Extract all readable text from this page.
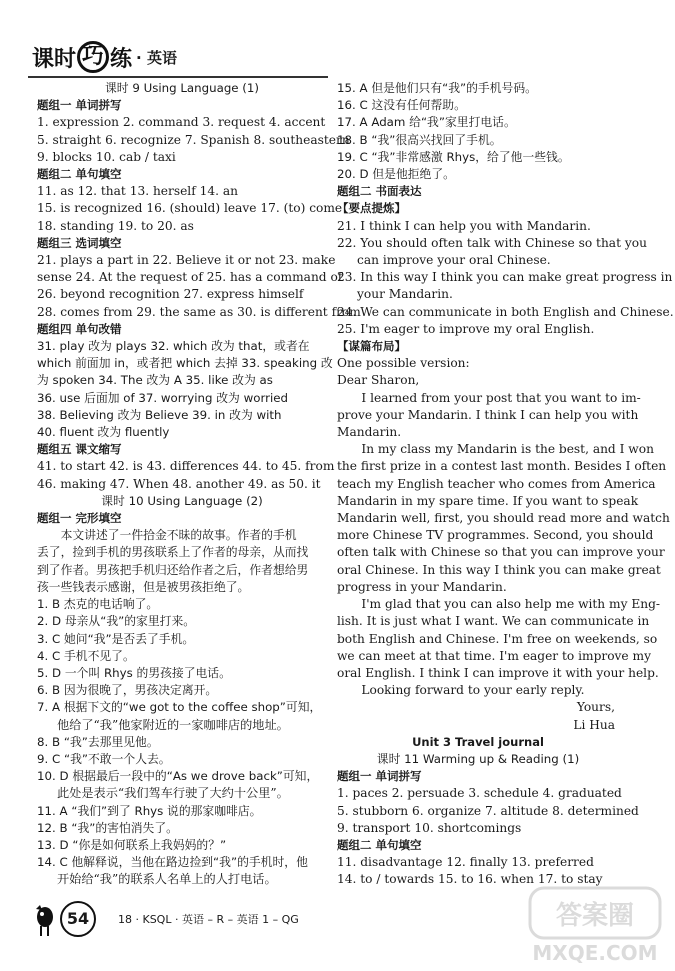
课 时 巧 练 · 英语
课时 9 Using Language (1)
题组一 单词拼写
1. expression 2. command 3. request 4. accent
5. straight 6. recognize 7. Spanish 8. southeastern
9. blocks 10. cab / taxi
题组二 单句填空
11. as 12. that 13. herself 14. an
15. is recognized 16. (should) leave 17. (to) come
18. standing 19. to 20. as
题组三 选词填空
21. plays a part in 22. Believe it or not 23. make
sense 24. At the request of 25. has a command of
26. beyond recognition 27. express himself
28. comes from 29. the same as 30. is different from
题组四 单句改错
31. play 改为 plays 32. which 改为 that，或者在
which 前面加 in，或者把 which 去掉 33. speaking 改
为 spoken 34. The 改为 A 35. like 改为 as
36. use 后面加 of 37. worrying 改为 worried
38. Believing 改为 Believe 39. in 改为 with
40. fluent 改为 fluently
题组五 课文缩写
41. to start 42. is 43. differences 44. to 45. from
46. making 47. When 48. another 49. as 50. it
课时 10 Using Language (2)
题组一 完形填空
本文讲述了一件拾金不昧的故事。作者的手机
丢了，捡到手机的男孩联系上了作者的母亲，从而找
到了作者。男孩把手机归还给作者之后，作者想给男
孩一些钱表示感谢，但是被男孩拒绝了。
1. B 杰克的电话响了。
2. D 母亲从“我”的家里打来。
3. C 她问“我”是否丢了手机。
4. C 手机不见了。
5. D 一个叫 Rhys 的男孩接了电话。
6. B 因为很晚了，男孩决定离开。
7. A 根据下文的“we got to the coffee shop”可知，
他给了“我”他家附近的一家咖啡店的地址。
8. B “我”去那里见他。
9. C “我”不敢一个人去。
10. D 根据最后一段中的“As we drove back”可知，
此处是表示“我们驾车行驶了大约十公里”。
11. A “我们”到了 Rhys 说的那家咖啡店。
12. B “我”的害怕消失了。
13. D “你是如何联系上我妈妈的？”
14. C 他解释说，当他在路边捡到“我”的手机时，他
开始给“我”的联系人名单上的人打电话。
15. A 但是他们只有“我”的手机号码。
16. C 这没有任何帮助。
17. A Adam 给“我”家里打电话。
18. B “我”很高兴找回了手机。
19. C “我”非常感激 Rhys，给了他一些钱。
20. D 但是他拒绝了。
题组二 书面表达
【要点提炼】
21. I think I can help you with Mandarin.
22. You should often talk with Chinese so that you
can improve your oral Chinese.
23. In this way I think you can make great progress in
your Mandarin.
24. We can communicate in both English and Chinese.
25. I'm eager to improve my oral English.
【谋篇布局】
One possible version:
Dear Sharon,
I learned from your post that you want to im-
prove your Mandarin. I think I can help you with
Mandarin.
In my class my Mandarin is the best, and I won
the first prize in a contest last month. Besides I often
teach my English teacher who comes from America
Mandarin in my spare time. If you want to speak
Mandarin well, first, you should read more and watch
more Chinese TV programmes. Second, you should
often talk with Chinese so that you can improve your
oral Chinese. In this way I think you can make great
progress in your Mandarin.
I'm glad that you can also help me with my Eng-
lish. It is just what I want. We can communicate in
both English and Chinese. I'm free on weekends, so
we can meet at that time. I'm eager to improve my
oral English. I think I can improve it with your help.
Looking forward to your early reply.
Yours,
Li Hua
Unit 3 Travel journal
课时 11 Warming up & Reading (1)
题组一 单词拼写
1. paces 2. persuade 3. schedule 4. graduated
5. stubborn 6. organize 7. altitude 8. determined
9. transport 10. shortcomings
题组二 单句填空
11. disadvantage 12. finally 13. preferred
14. to / towards 15. to 16. when 17. to stay
54	18 · KSQL · 英语 – R – 英语 1 – QG	答案圈
MXQE.COM
